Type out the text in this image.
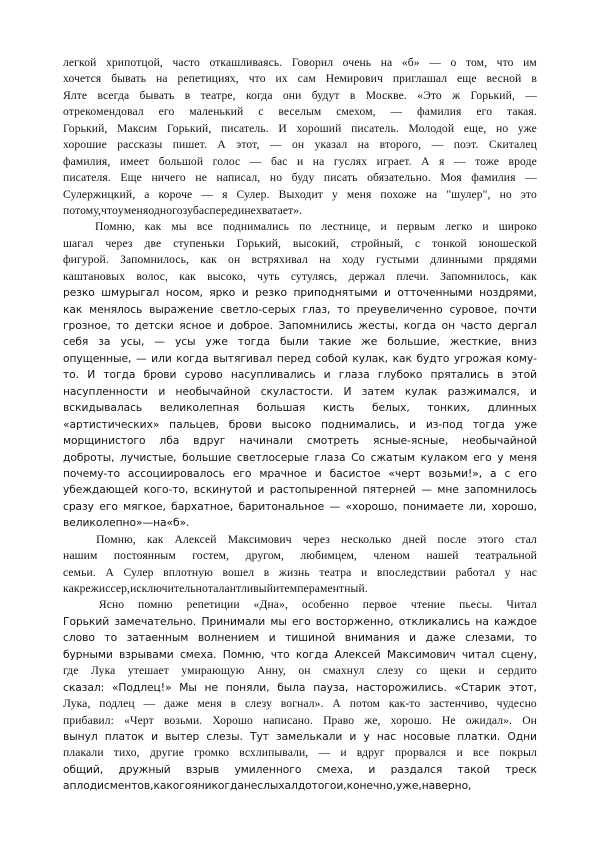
легкой хрипотцой, часто откашливаясь. Говорил очень на «б» — о том, что им
хочется бывать на репетициях, что их сам Немирович приглашал еще весной в
Ялте всегда бывать в театре, когда они будут в Москве. «Это ж Горький, —
отрекомендовал его маленький с веселым смехом, — фамилия его такая.
Горький, Максим Горький, писатель. И хороший писатель. Молодой еще, но уже
хорошие рассказы пишет. А этот, — он указал на второго, — поэт. Скиталец
фамилия, имеет большой голос — бас и на гуслях играет. А я — тоже вроде
писателя. Еще ничего не написал, но буду писать обязательно. Моя фамилия —
Сулержицкий, а короче — я Сулер. Выходит у меня похоже на "шулер", но это
потому, что у меня одного зуба спереди не хватает».
Помню, как мы все поднимались по лестнице, и первым легко и широко
шагал через две ступеньки Горький, высокий, стройный, с тонкой юношеской
фигурой. Запомнилось, как он встряхивал на ходу густыми длинными прядями
каштановых волос, как высоко, чуть сутулясь, держал плечи. Запомнилось, как
резко шмурыгал носом, ярко и резко приподнятыми и отточенными ноздрями,
как менялось выражение светло-серых глаз, то преувеличенно суровое, почти
грозное, то детски ясное и доброе. Запомнились жесты, когда он часто дергал
себя за усы, — усы уже тогда были такие же большие, жесткие, вниз
опущенные, — или когда вытягивал перед собой кулак, как будто угрожая кому-
то. И тогда брови сурово насупливались и глаза глубоко прятались в этой
насупленности и необычайной скуластости. И затем кулак разжимался, и
вскидывалась великолепная большая кисть белых, тонких, длинных
«артистических» пальцев, брови высоко поднимались, и из-под тогда уже
морщинистого лба вдруг начинали смотреть ясные-ясные, необычайной
доброты, лучистые, большие светлосерые глаза Со сжатым кулаком его у меня
почему-то ассоциировалось его мрачное и басистое «черт возьми!», а с его
убеждающей кого-то, вскинутой и растопыренной пятерней — мне запомнилось
сразу его мягкое, бархатное, баритональное — «хорошо, понимаете ли, хорошо,
великолепно» — на «б».
Помню, как Алексей Максимович через несколько дней после этого стал
нашим постоянным гостем, другом, любимцем, членом нашей театральной
семьи. А Сулер вплотную вошел в жизнь театра и впоследствии работал у нас
как режиссер, исключительно талантливый и темпераментный.
Ясно помню репетиции «Дна», особенно первое чтение пьесы. Читал
Горький замечательно. Принимали мы его восторженно, откликались на каждое
слово то затаенным волнением и тишиной внимания и даже слезами, то
бурными взрывами смеха. Помню, что когда Алексей Максимович читал сцену,
где Лука утешает умирающую Анну, он смахнул слезу со щеки и сердито
сказал: «Подлец!» Мы не поняли, была пауза, насторожились. «Старик этот,
Лука, подлец — даже меня в слезу вогнал». А потом как-то застенчиво, чудесно
прибавил: «Черт возьми. Хорошо написано. Право же, хорошо. Не ожидал». Он
вынул платок и вытер слезы. Тут замелькали и у нас носовые платки. Одни
плакали тихо, другие громко всхлипывали, — и вдруг прорвался и все покрыл
общий, дружный взрыв умиленного смеха, и раздался такой треск
аплодисментов, какого я никогда не слыхал до того и, конечно, уже, наверно,
